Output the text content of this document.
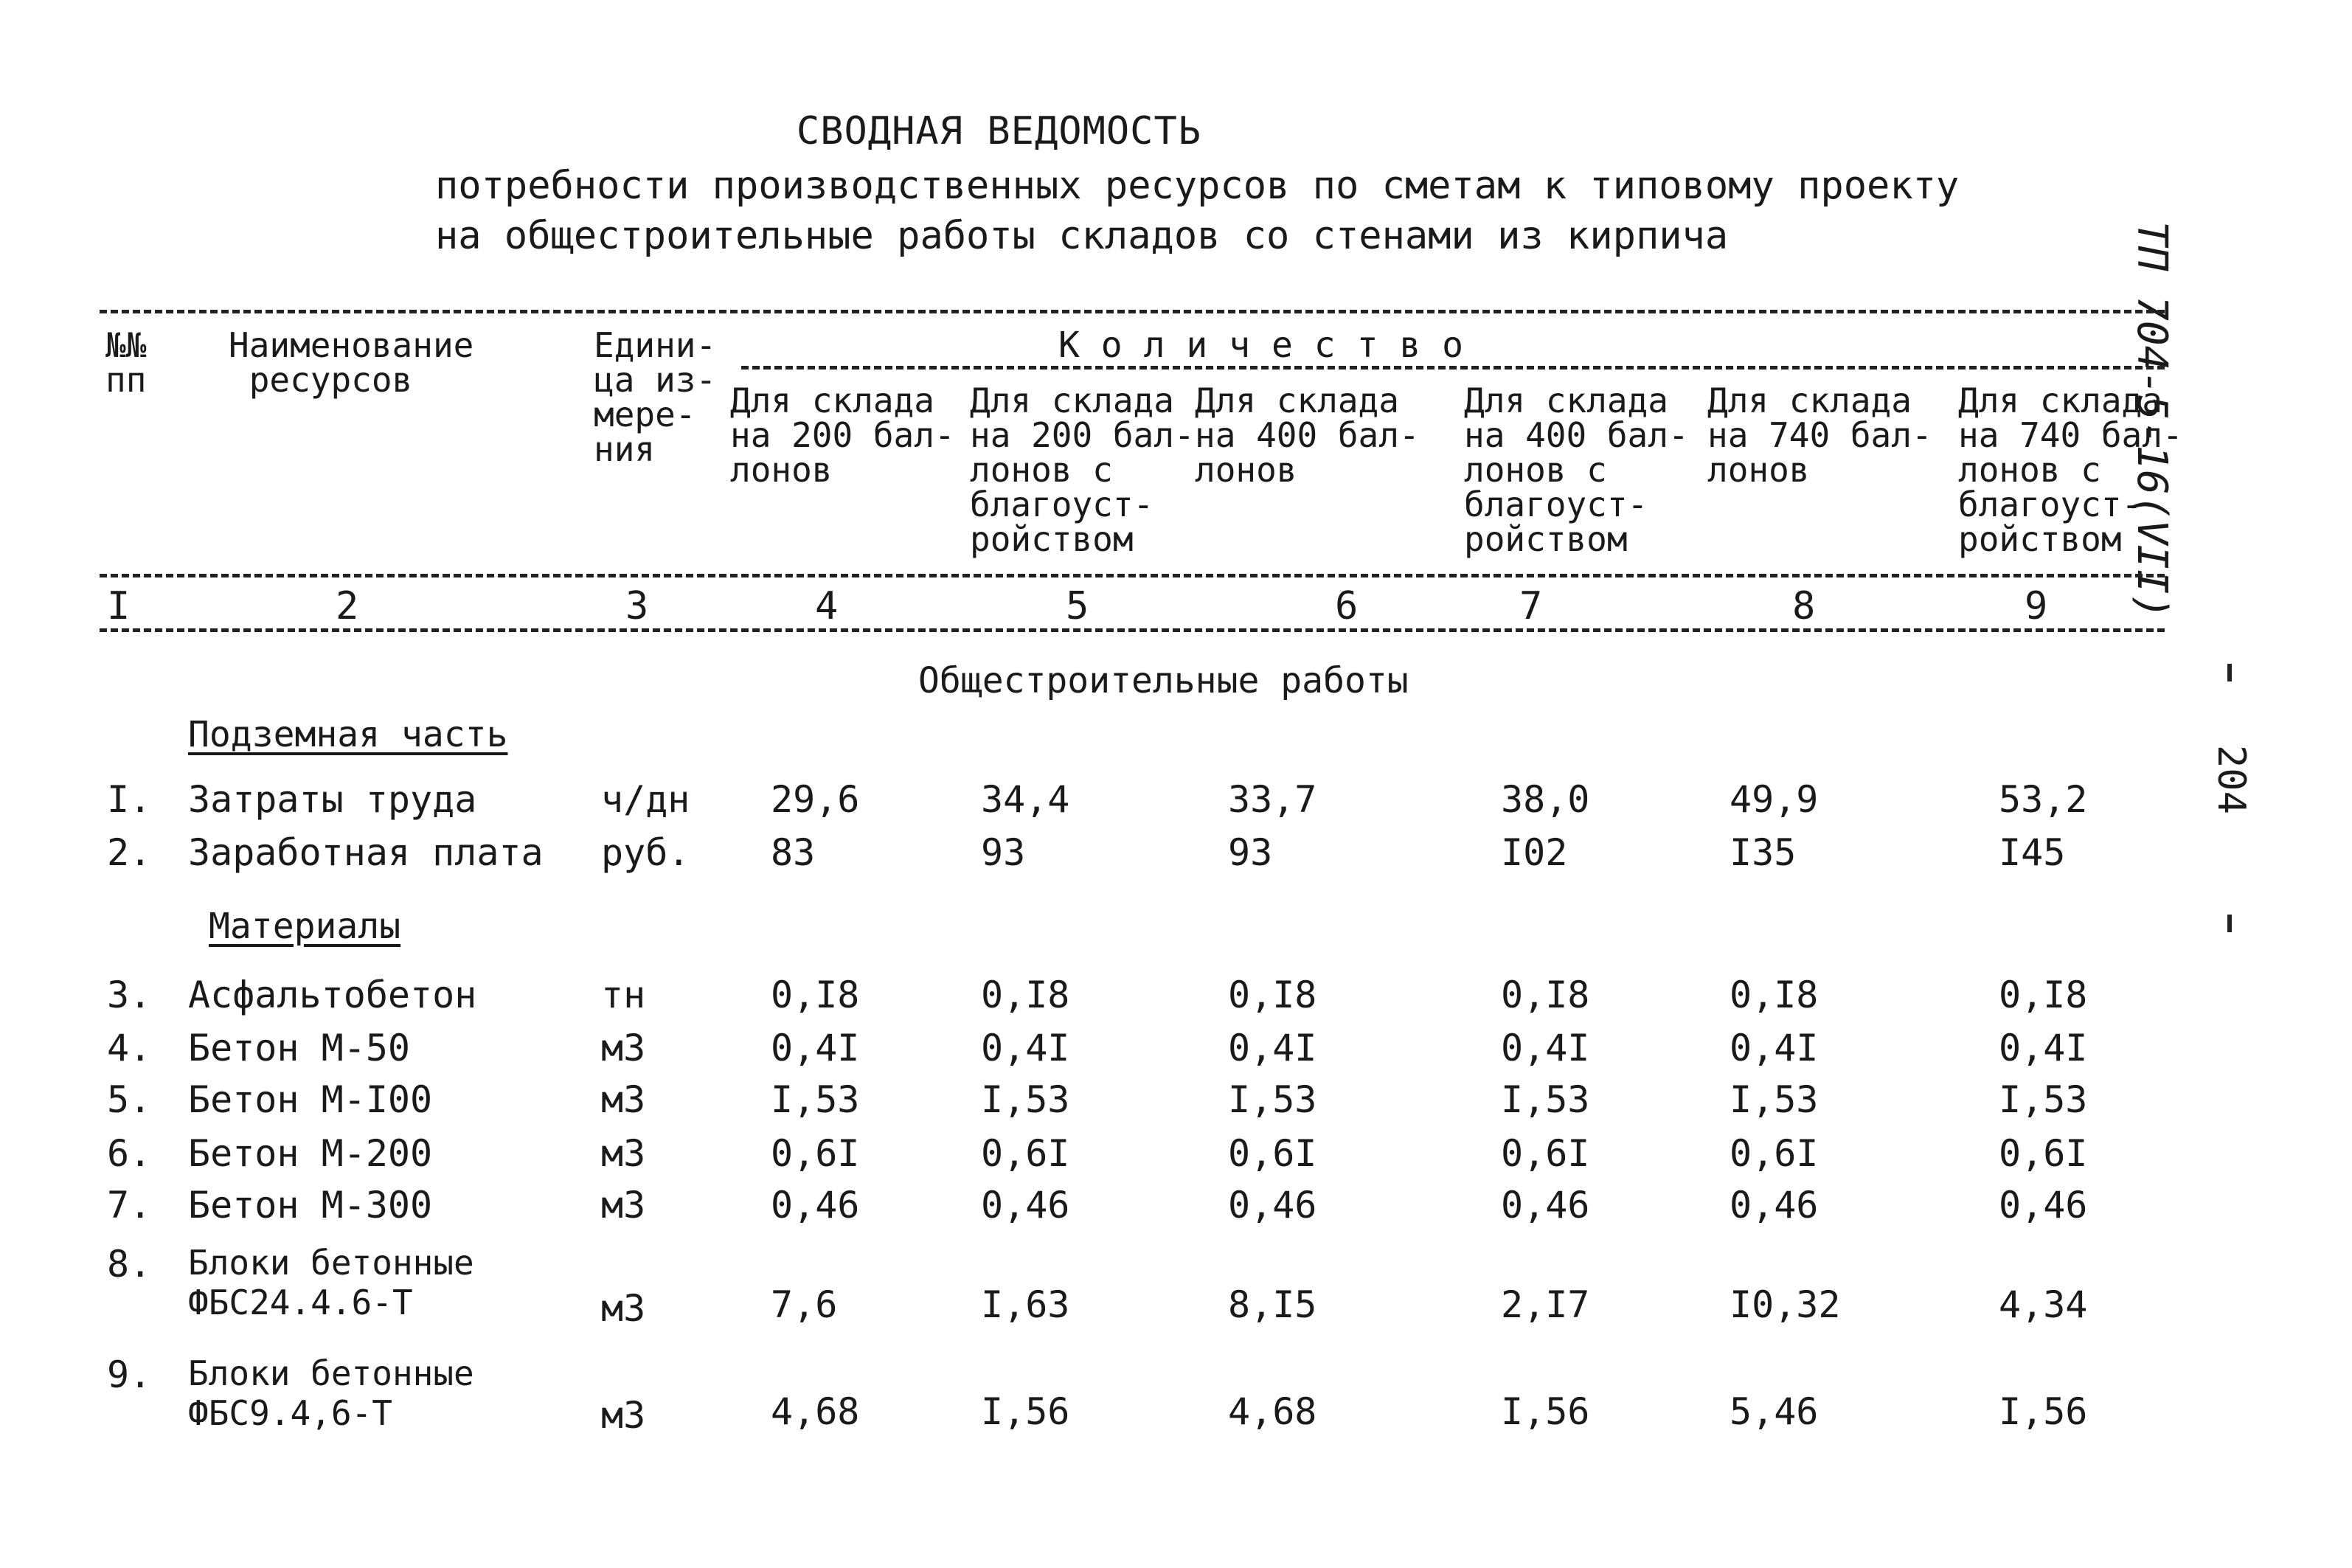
СВОДНАЯ ВЕДОМОСТЬ
потребности производственных ресурсов по сметам к типовому проекту
на общестроительные работы складов со стенами из кирпича	ТП 704-5-16(VII)
204
№№
пп
Наименование
ресурсов
Едини-
ца из-
мере-
ния
К о л и ч е с т в о
Для склада
на 200 бал-
лонов
Для склада
на 200 бал-
лонов с
благоуст-
ройством
Для склада
на 400 бал-
лонов
Для склада
на 400 бал-
лонов с
благоуст-
ройством
Для склада
на 740 бал-
лонов
Для склада
на 740 бал-
лонов с
благоуст-
ройством
I	2	3	4	5	6	7	8	9
Общестроительные работы
Подземная часть
Материалы
I. Затраты труда	ч/дн 29,6	34,4	33,7	38,0	49,9	53,2
2. Заработная плата руб. 83	93	93	I02	I35	I45
3. Асфальтобетон	тн	0,I8	0,I8	0,I8	0,I8	0,I8	0,I8
4. Бетон М-50	м3	0,4I	0,4I	0,4I	0,4I	0,4I	0,4I
5. Бетон М-I00	м3	I,53	I,53	I,53	I,53	I,53	I,53
6. Бетон М-200	м3	0,6I	0,6I	0,6I	0,6I	0,6I	0,6I
7. Бетон М-300	м3	0,46	0,46	0,46	0,46	0,46	0,46
8. Блоки бетонные
ФБС24.4.6-Т	м3	7,6	I,63	8,I5	2,I7	I0,32	4,34
9. Блоки бетонные
ФБС9.4,6-Т	м3	4,68	I,56	4,68	I,56	5,46	I,56
